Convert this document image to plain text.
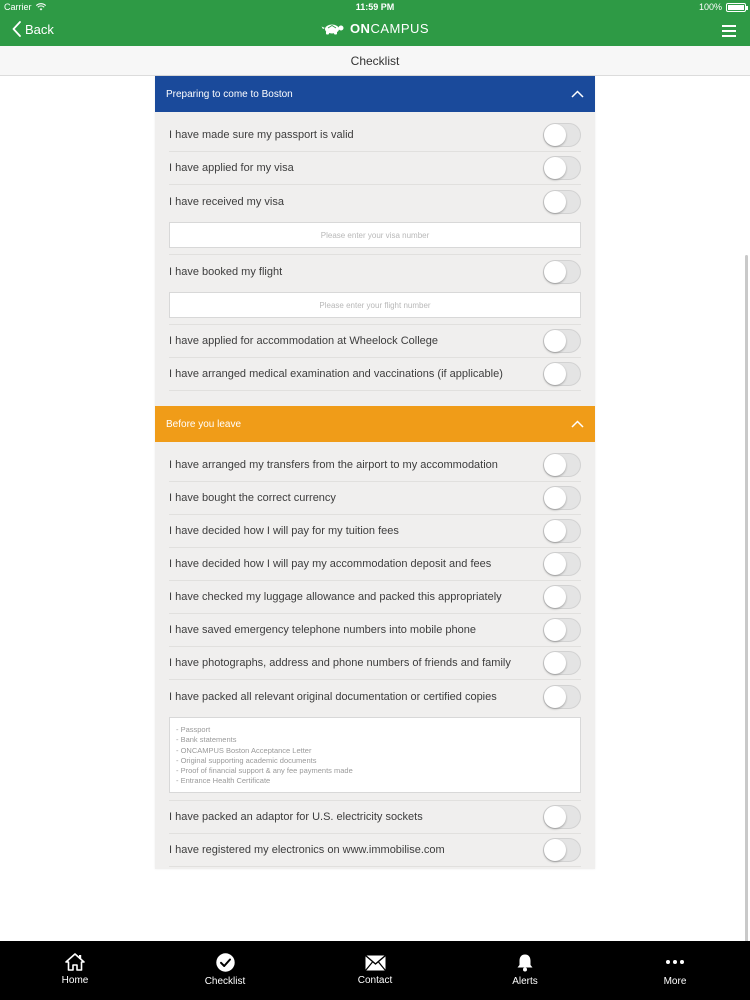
Carrier	11:59 PM	100%
Back	ONCAMPUS
Checklist
Preparing to come to Boston
I have made sure my passport is valid
I have applied for my visa
I have received my visa
Please enter your visa number
I have booked my flight
Please enter your flight number
I have applied for accommodation at Wheelock College
I have arranged medical examination and vaccinations (if applicable)
Before you leave
I have arranged my transfers from the airport to my accommodation
I have bought the correct currency
I have decided how I will pay for my tuition fees
I have decided how I will pay my accommodation deposit and fees
I have checked my luggage allowance and packed this appropriately
I have saved emergency telephone numbers into mobile phone
I have photographs, address and phone numbers of friends and family
I have packed all relevant original documentation or certified copies
- Passport
- Bank statements
- ONCAMPUS Boston Acceptance Letter
- Original supporting academic documents
- Proof of financial support & any fee payments made
- Entrance Health Certificate
I have packed an adaptor for U.S. electricity sockets
I have registered my electronics on www.immobilise.com
Home	Checklist	Contact	Alerts	More
